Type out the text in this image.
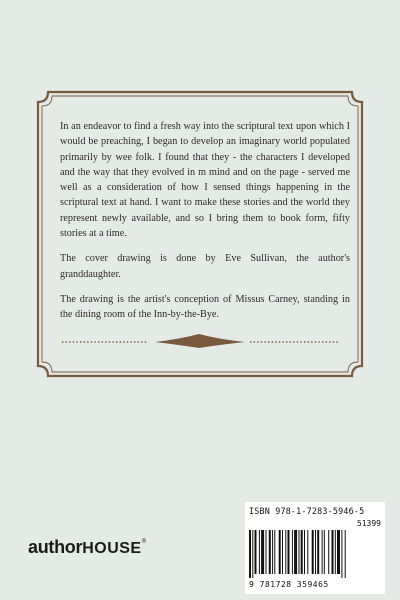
In an endeavor to find a fresh way into the scriptural text upon which I would be preaching, I began to develop an imaginary world populated primarily by wee folk. I found that they - the characters I developed and the way that they evolved in m mind and on the page - served me well as a consideration of how I sensed things happening in the scriptural text at hand. I want to make these stories and the world they represent newly available, and so I bring them to book form, fifty stories at a time.

The cover drawing is done by Eve Sullivan, the author's granddaughter.

The drawing is the artist's conception of Missus Carney, standing in the dining room of the Inn-by-the-Bye.

ISBN 978-1-7283-5946-5
51399
9 781728 359465
authorHOUSE®
